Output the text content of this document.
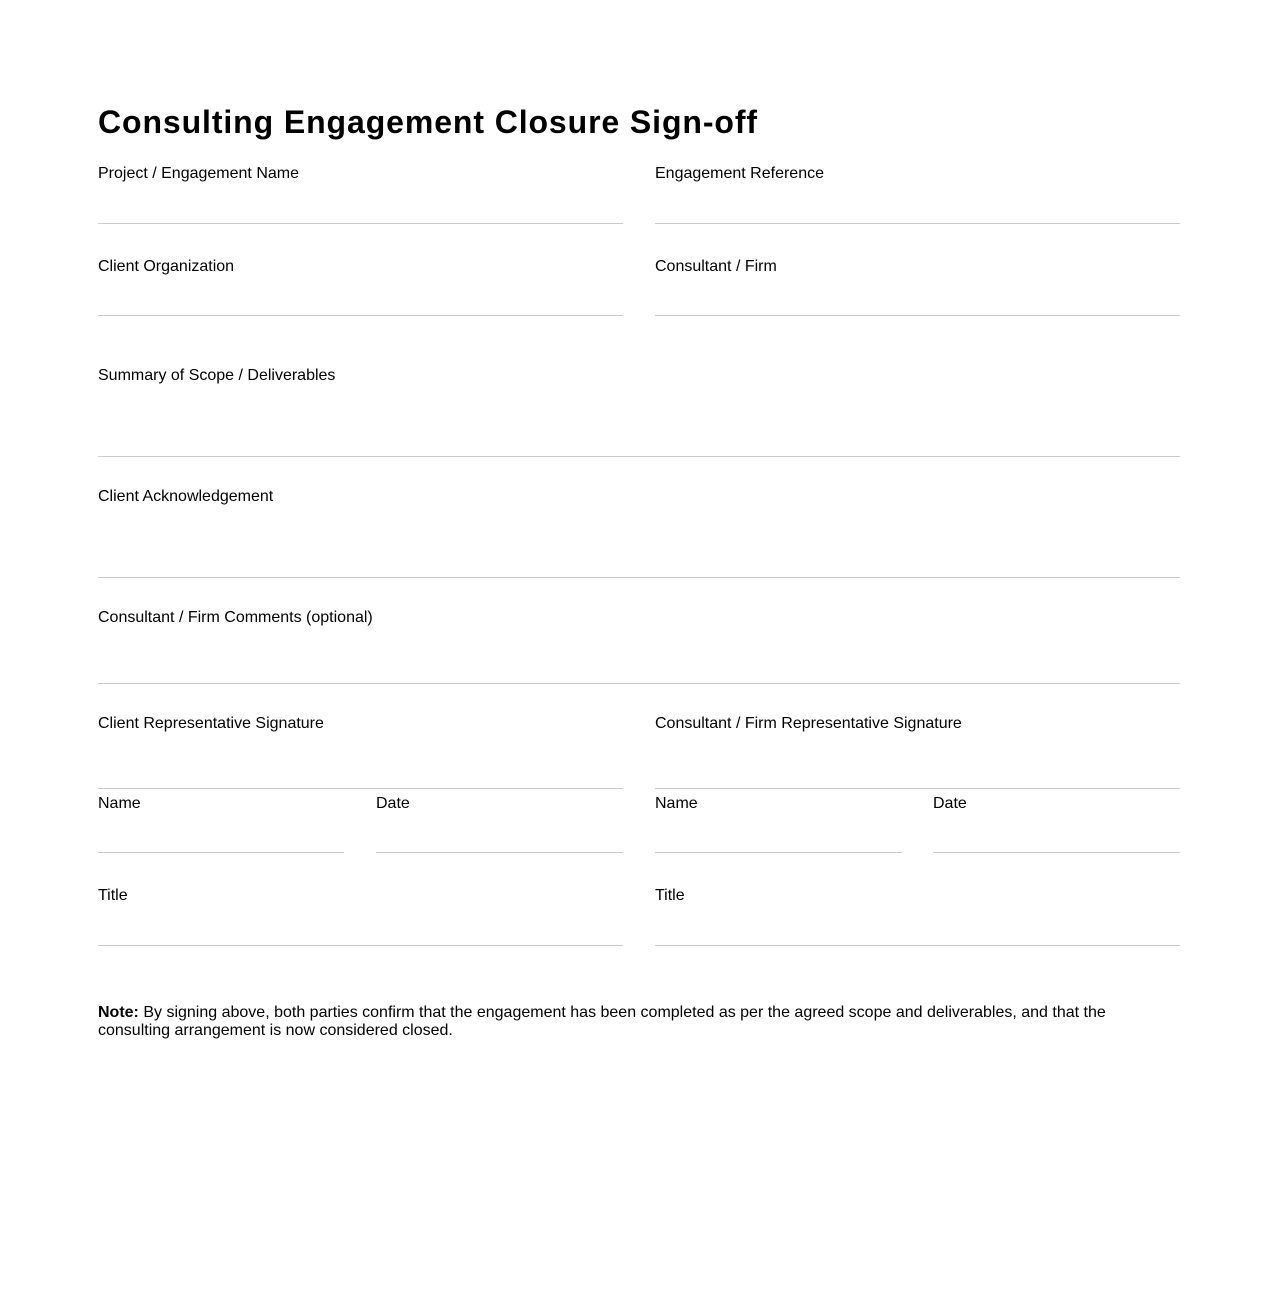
Consulting Engagement Closure Sign-off
Project / Engagement Name	Engagement Reference
Client Organization	Consultant / Firm
Summary of Scope / Deliverables
Client Acknowledgement
Consultant / Firm Comments (optional)
Client Representative Signature
Name	Date
Title
Consultant / Firm Representative Signature
Name	Date
Title

Note: By signing above, both parties confirm that the engagement has been completed as per the agreed scope and deliverables, and that the consulting arrangement is now considered closed.
